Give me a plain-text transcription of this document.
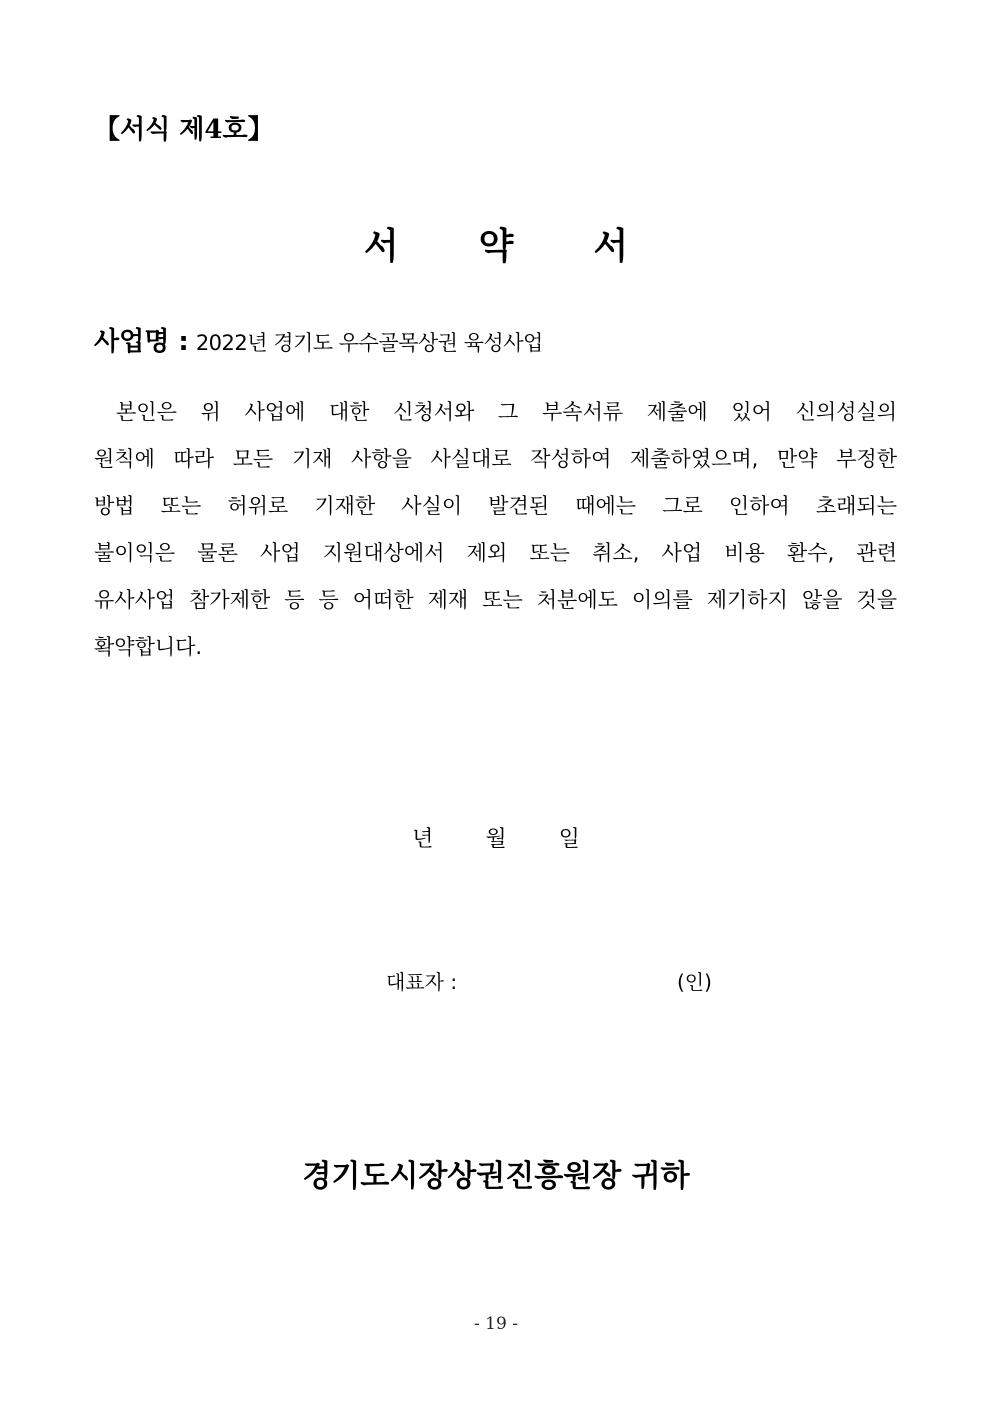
【서식 제4호】
서 약 서
사업명 : 2022년 경기도 우수골목상권 육성사업
본인은 위 사업에 대한 신청서와 그 부속서류 제출에 있어 신의성실의
원칙에 따라 모든 기재 사항을 사실대로 작성하여 제출하였으며, 만약 부정한
방법 또는 허위로 기재한 사실이 발견된 때에는 그로 인하여 초래되는
불이익은 물론 사업 지원대상에서 제외 또는 취소, 사업 비용 환수, 관련
유사사업 참가제한 등 등 어떠한 제재 또는 처분에도 이의를 제기하지 않을 것을
확약합니다.
년 월 일
대표자 :	(인)
경기도시장상권진흥원장 귀하
- 19 -
